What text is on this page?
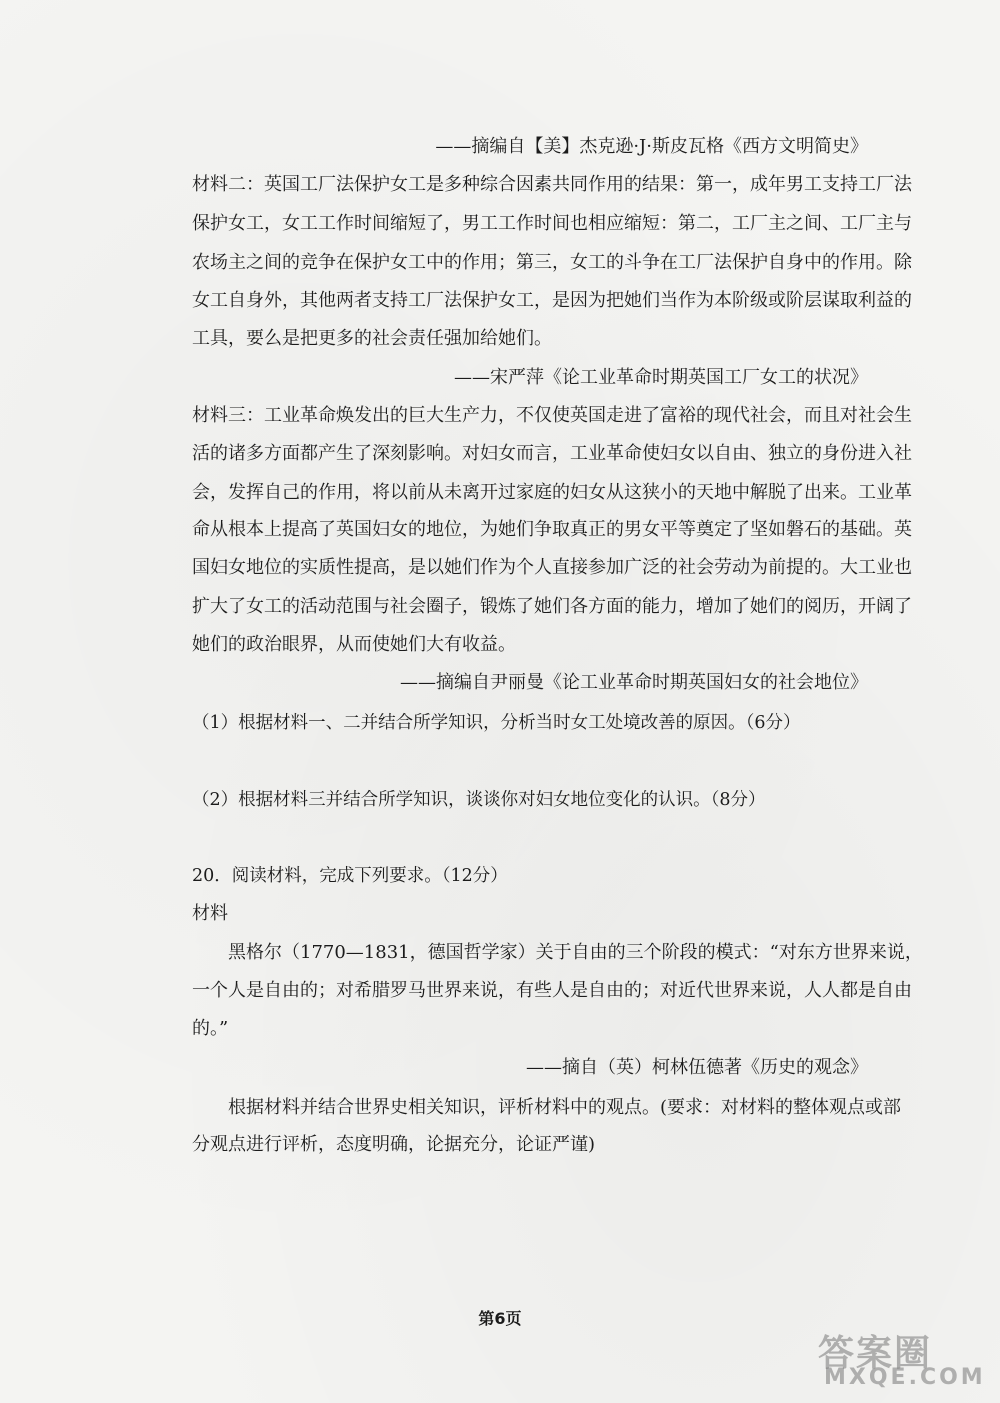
——摘编自【美】杰克逊·J·斯皮瓦格《西方文明简史》
材料二：英国工厂法保护女工是多种综合因素共同作用的结果：第一，成年男工支持工厂法
保护女工，女工工作时间缩短了，男工工作时间也相应缩短：第二，工厂主之间、工厂主与
农场主之间的竞争在保护女工中的作用；第三，女工的斗争在工厂法保护自身中的作用。除
女工自身外，其他两者支持工厂法保护女工，是因为把她们当作为本阶级或阶层谋取利益的
工具，要么是把更多的社会责任强加给她们。
——宋严萍《论工业革命时期英国工厂女工的状况》
材料三：工业革命焕发出的巨大生产力，不仅使英国走进了富裕的现代社会，而且对社会生
活的诸多方面都产生了深刻影响。对妇女而言，工业革命使妇女以自由、独立的身份进入社
会，发挥自己的作用，将以前从未离开过家庭的妇女从这狭小的天地中解脱了出来。工业革
命从根本上提高了英国妇女的地位，为她们争取真正的男女平等奠定了坚如磐石的基础。英
国妇女地位的实质性提高，是以她们作为个人直接参加广泛的社会劳动为前提的。大工业也
扩大了女工的活动范围与社会圈子，锻炼了她们各方面的能力，增加了她们的阅历，开阔了
她们的政治眼界，从而使她们大有收益。
——摘编自尹丽曼《论工业革命时期英国妇女的社会地位》
（1）根据材料一、二并结合所学知识，分析当时女工处境改善的原因。（6分）
（2）根据材料三并结合所学知识，谈谈你对妇女地位变化的认识。（8分）
20．阅读材料，完成下列要求。（12分）
材料
黑格尔（1770—1831，德国哲学家）关于自由的三个阶段的模式：“对东方世界来说，
一个人是自由的；对希腊罗马世界来说，有些人是自由的；对近代世界来说，人人都是自由
的。”
——摘自（英）柯林伍德著《历史的观念》
根据材料并结合世界史相关知识，评析材料中的观点。(要求：对材料的整体观点或部
分观点进行评析，态度明确，论据充分，论证严谨)
第6页
答案圈
MXQE.COM
